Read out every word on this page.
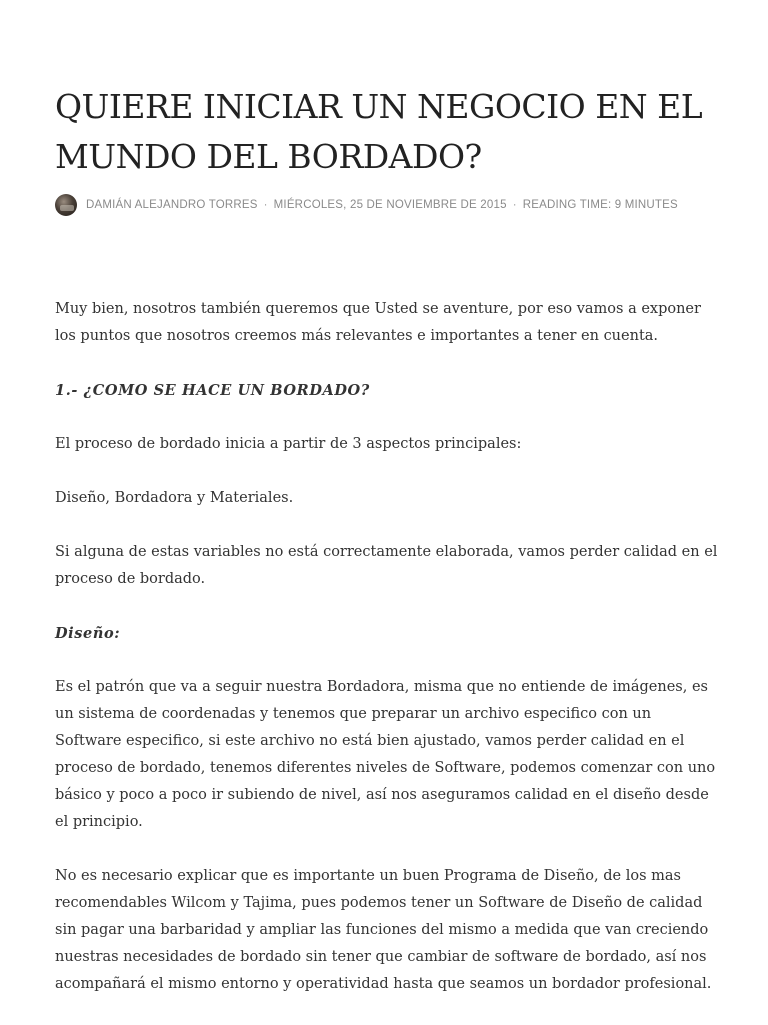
QUIERE INICIAR UN NEGOCIO EN EL MUNDO DEL BORDADO?
DAMIÁN ALEJANDRO TORRES · MIÉRCOLES, 25 DE NOVIEMBRE DE 2015 · READING TIME: 9 MINUTES

Muy bien, nosotros también queremos que Usted se aventure, por eso vamos a exponer los puntos que nosotros creemos más relevantes e importantes a tener en cuenta.

1.- ¿COMO SE HACE UN BORDADO?

El proceso de bordado inicia a partir de 3 aspectos principales:

Diseño, Bordadora y Materiales.

Si alguna de estas variables no está correctamente elaborada, vamos perder calidad en el proceso de bordado.

Diseño:

Es el patrón que va a seguir nuestra Bordadora, misma que no entiende de imágenes, es un sistema de coordenadas y tenemos que preparar un archivo especifico con un Software especifico, si este archivo no está bien ajustado, vamos perder calidad en el proceso de bordado, tenemos diferentes niveles de Software, podemos comenzar con uno básico y poco a poco ir subiendo de nivel, así nos aseguramos calidad en el diseño desde el principio.

No es necesario explicar que es importante un buen Programa de Diseño, de los mas recomendables Wilcom y Tajima, pues podemos tener un Software de Diseño de calidad sin pagar una barbaridad y ampliar las funciones del mismo a medida que van creciendo nuestras necesidades de bordado sin tener que cambiar de software de bordado, así nos acompañará el mismo entorno y operatividad hasta que seamos un bordador profesional.
